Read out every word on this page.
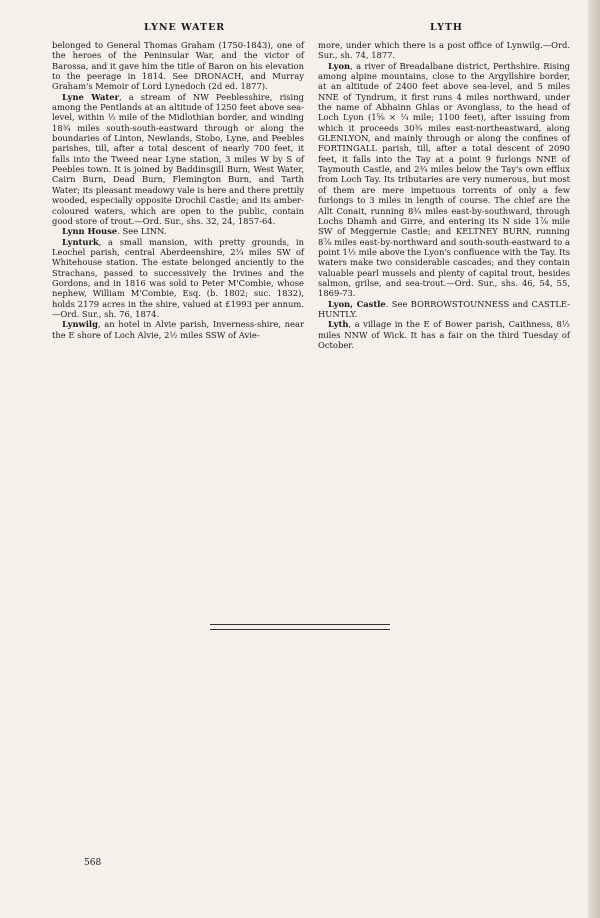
LYNE WATER	LYTH

belonged to General Thomas Graham (1750-1843), one of the heroes of the Peninsular War, and the victor of Barossa, and it gave him the title of Baron on his elevation to the peerage in 1814. See DRONACH, and Murray Graham's Memoir of Lord Lynedoch (2d ed. 1877).

Lyne Water, a stream of NW Peeblesshire, rising among the Pentlands at an altitude of 1250 feet above sea-level, within ½ mile of the Midlothian border, and winding 18¾ miles south-south-eastward through or along the boundaries of Linton, Newlands, Stobo, Lyne, and Peebles parishes, till, after a total descent of nearly 700 feet, it falls into the Tweed near Lyne station, 3 miles W by S of Peebles town. It is joined by Baddinsgill Burn, West Water, Cairn Burn, Dead Burn, Flemington Burn, and Tarth Water; its pleasant meadowy vale is here and there prettily wooded, especially opposite Drochil Castle; and its amber-coloured waters, which are open to the public, contain good store of trout.—Ord. Sur., shs. 32, 24, 1857-64.

Lynn House. See LINN.

Lynturk, a small mansion, with pretty grounds, in Leochel parish, central Aberdeenshire, 2¼ miles SW of Whitehouse station. The estate belonged anciently to the Strachans, passed to successively the Irvines and the Gordons, and in 1816 was sold to Peter M'Combie, whose nephew, William M'Combie, Esq. (b. 1802; suc. 1832), holds 2179 acres in the shire, valued at £1993 per annum.—Ord. Sur., sh. 76, 1874.

Lynwilg, an hotel in Alvie parish, Inverness-shire, near the E shore of Loch Alvie, 2½ miles SSW of Avie-

more, under which there is a post office of Lynwilg.—Ord. Sur., sh. 74, 1877.

Lyon, a river of Breadalbane district, Perthshire. Rising among alpine mountains, close to the Argyllshire border, at an altitude of 2400 feet above sea-level, and 5 miles NNE of Tyndrum, it first runs 4 miles northward, under the name of Abhainn Ghlas or Avonglass, to the head of Loch Lyon (1⅝ × ¼ mile; 1100 feet), after issuing from which it proceeds 30¾ miles east-northeastward, along GLENLYON, and mainly through or along the confines of FORTINGALL parish, till, after a total descent of 2090 feet, it falls into the Tay at a point 9 furlongs NNE of Taymouth Castle, and 2¾ miles below the Tay's own efflux from Loch Tay. Its tributaries are very numerous, but most of them are mere impetuous torrents of only a few furlongs to 3 miles in length of course. The chief are the Allt Conait, running 8¾ miles east-by-southward, through Lochs Dhamh and Girre, and entering its N side 1⅞ mile SW of Meggernie Castle; and KELTNEY BURN, running 8⅞ miles east-by-northward and south-south-eastward to a point 1½ mile above the Lyon's confluence with the Tay. Its waters make two considerable cascades; and they contain valuable pearl mussels and plenty of capital trout, besides salmon, grilse, and sea-trout.—Ord. Sur., shs. 46, 54, 55, 1869-73.

Lyon, Castle. See BORROWSTOUNNESS and CASTLE-HUNTLY.

Lyth, a village in the E of Bower parish, Caithness, 8½ miles NNW of Wick. It has a fair on the third Tuesday of October.

568
